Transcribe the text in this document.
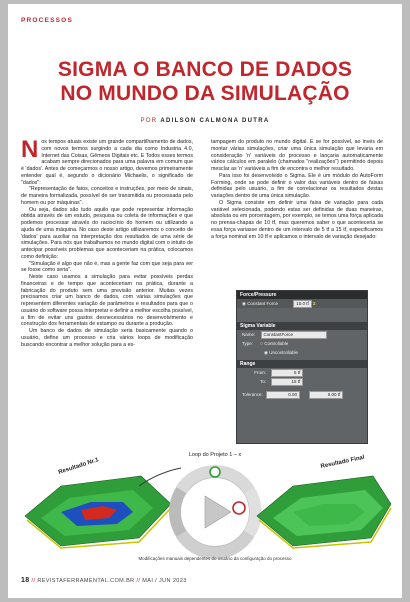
PROCESSOS
SIGMA O BANCO DE DADOS
NO MUNDO DA SIMULAÇÃO
POR ADILSON CALMONA DUTRA

Nos tempos atuais existe um grande compartilhamento de dados, com novos termos surgindo a cada dia como Industria 4.0, Internet das Coisas, Gêmeos Digitais etc. E Todos esses termos acabam sempre direcionados para uma palavra em comum que é 'dados'. Antes de começarmos o nosso artigo, devemos primeiramente entender qual é, segundo o dicionário Michaelis, o significado de "dados":

"Representação de fatos, conceitos e instruções, por meio de sinais, de maneira formalizada, possível de ser transmitida ou processada pelo homem ou por máquinas".

Ou seja, dados são tudo aquilo que pode representar informação obtida através de um estudo, pesquisa ou coleta de informações e que podemos processar através do raciocínio do homem ou utilizando a ajuda de uma máquina. No caso deste artigo utilizaremos o conceito de 'dados' para auxiliar na interpretação dos resultados de uma série de simulações. Para nós que trabalhamos no mundo digital com o intuito de antecipar possíveis problemas que aconteceriam na prática, colocamos como definição:

"Simulação é algo que não é, mas a gente faz com que seja para ver se fosse como seria".

Neste caso usamos a simulação para evitar possíveis perdas financeiras e de tempo que aconteceriam na prática, durante a fabricação do produto sem uma previsão anterior. Muitas vezes precisamos criar um banco de dados, com várias simulações que representem diferentes variação de parâmetros e resultados para que o usuário do software possa interpretar e definir a melhor escolha possível, a fim de evitar uns gastos desnecessários no desenvolvimento e construção dos ferramentais de estampo ou durante a produção.

Um banco de dados de simulação seria basicamente quando o usuário, define um processo e cria vários loops de modificação buscando encontrar a melhor solução para a es-

tampagem do produto no mundo digital. E se for possível, ao invés de montar várias simulações, criar uma única simulação que levaria em consideração 'n' variáveis do processo e lançaria automaticamente vários cálculos em paralelo (chamados "realizações") permitindo depois mesclar as 'n' variáveis a fim de encontra o melhor resultado.

Para isso foi desenvolvido o Sigma. Ele é um módulo do AutoForm Forming, onde se pode definir o valor das variáveis dentro de faixas definidas pelo usuário, a fim de correlacionar os resultados destas variações dentro de uma única simulação.

O Sigma consiste em definir uma faixa de variação para cada variável selecionada, podendo estas ser definidas de duas maneiras, absoluta ou em porcentagem, por exemplo, se temos uma força aplicada no prensa-chapas de 10 tf, mas queremos saber o que aconteceria se essa força variasse dentro de um intervalo de 5 tf a 15 tf, especificamos a força nominal em 10 tf e aplicamos o intervalo de variação desejado:

Force/Pressure
◉ Constant Force	10.0 tf Σ
Sigma Variable
Name: ConstantForce
Type: ○ Controllable
◉ Uncontrollable
Range
From:	5 tf
To:	15 tf
Tolerance:	0.00	0.00 tf
Resultado Nr.1
Loop do Projeto 1 – x	Resultado Final
Modificações manuais dependentes do usuário da configuração do processo
18 // REVISTAFERRAMENTAL.COM.BR // MAI / JUN 2023
